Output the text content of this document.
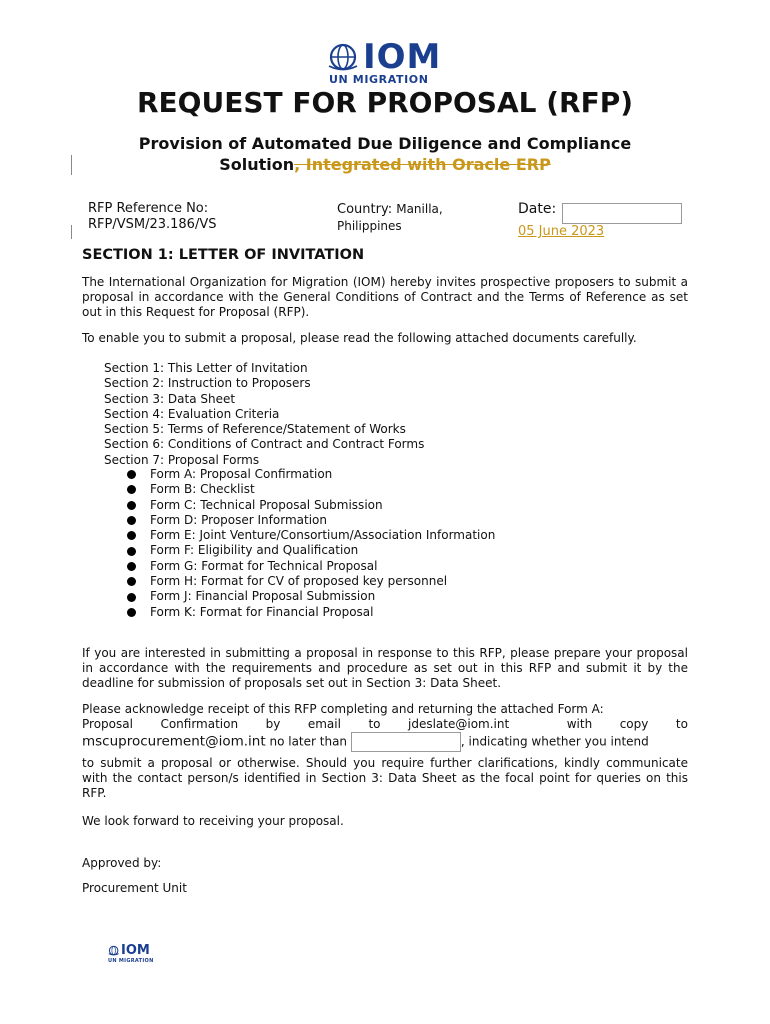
IOM
UN MIGRATION
REQUEST FOR PROPOSAL (RFP)
Provision of Automated Due Diligence and Compliance
Solution, Integrated with Oracle ERP
RFP Reference No:
RFP/VSM/23.186/VS
Country: Manilla,
Philippines
Date:
05 June 2023
SECTION 1: LETTER OF INVITATION
The International Organization for Migration (IOM) hereby invites prospective proposers to submit a proposal in accordance with the General Conditions of Contract and the Terms of Reference as set out in this Request for Proposal (RFP).
To enable you to submit a proposal, please read the following attached documents carefully.
Section 1: This Letter of Invitation
Section 2: Instruction to Proposers
Section 3: Data Sheet
Section 4: Evaluation Criteria
Section 5: Terms of Reference/Statement of Works
Section 6: Conditions of Contract and Contract Forms
Section 7: Proposal Forms
Form A: Proposal Confirmation
Form B: Checklist
Form C: Technical Proposal Submission
Form D: Proposer Information
Form E: Joint Venture/Consortium/Association Information
Form F: Eligibility and Qualification
Form G: Format for Technical Proposal
Form H: Format for CV of proposed key personnel
Form J: Financial Proposal Submission
Form K: Format for Financial Proposal
If you are interested in submitting a proposal in response to this RFP, please prepare your proposal in accordance with the requirements and procedure as set out in this RFP and submit it by the deadline for submission of proposals set out in Section 3: Data Sheet.
Please acknowledge receipt of this RFP completing and returning the attached Form A:
Proposal Confirmation by email to jdeslate@iom.int	with copy to
mscuprocurement@iom.int no later than	, indicating whether you intend
to submit a proposal or otherwise. Should you require further clarifications, kindly communicate with the contact person/s identified in Section 3: Data Sheet as the focal point for queries on this RFP.
We look forward to receiving your proposal.
Approved by:
Procurement Unit
IOM
UN MIGRATION
